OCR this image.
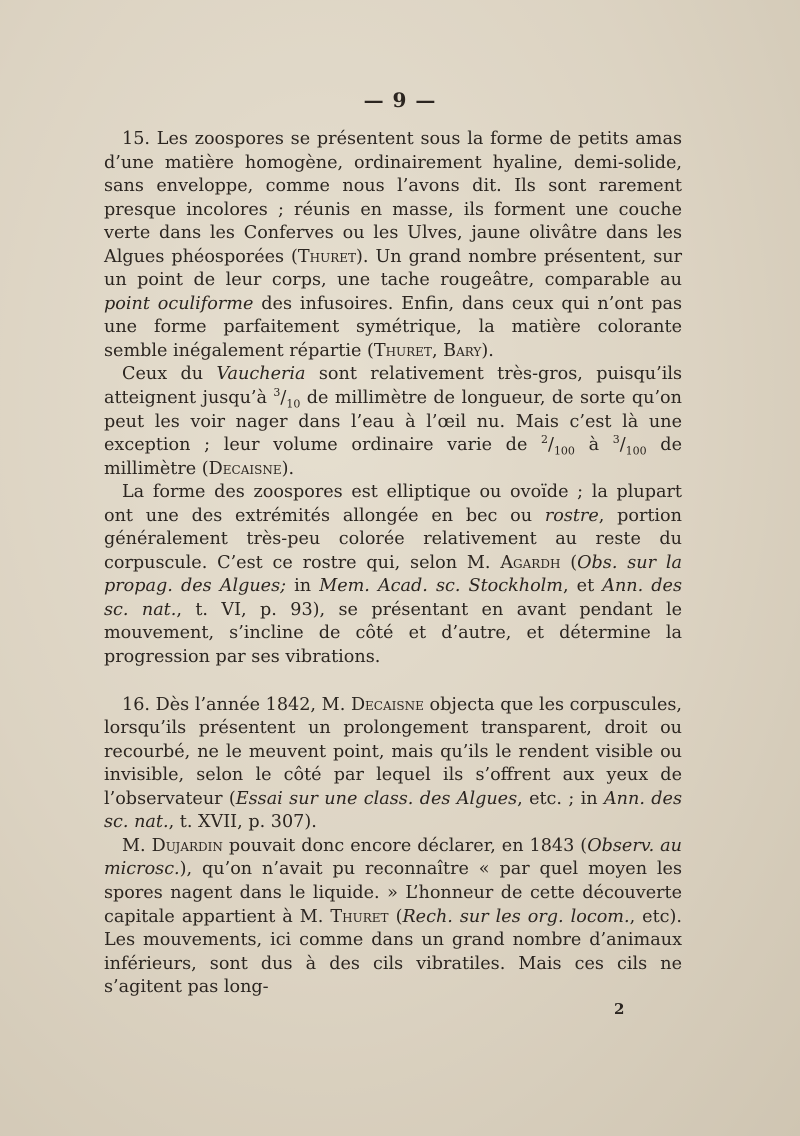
— 9 —

15. Les zoospores se présentent sous la forme de petits amas d’une matière homogène, ordinairement hyaline, demi-solide, sans enveloppe, comme nous l’avons dit. Ils sont rarement presque incolores ; réunis en masse, ils forment une couche verte dans les Conferves ou les Ulves, jaune olivâtre dans les Algues phéosporées (Thuret). Un grand nombre présentent, sur un point de leur corps, une tache rougeâtre, comparable au point oculiforme des infusoires. Enfin, dans ceux qui n’ont pas une forme parfaitement symétrique, la matière colorante semble inégalement répartie (Thuret, Bary).

Ceux du Vaucheria sont relativement très-gros, puisqu’ils atteignent jusqu’à $^3/_{10}$ de millimètre de longueur, de sorte qu’on peut les voir nager dans l’eau à l’œil nu. Mais c’est là une exception ; leur volume ordinaire varie de $^2/_{100}$ à $^3/_{100}$ de millimètre (Decaisne).

La forme des zoospores est elliptique ou ovoïde ; la plupart ont une des extrémités allongée en bec ou rostre, portion généralement très-peu colorée relativement au reste du corpuscule. C’est ce rostre qui, selon M. Agardh (Obs. sur la propag. des Algues; in Mem. Acad. sc. Stockholm, et Ann. des sc. nat., t. VI, p. 93), se présentant en avant pendant le mouvement, s’incline de côté et d’autre, et détermine la progression par ses vibrations.

16. Dès l’année 1842, M. Decaisne objecta que les corpuscules, lorsqu’ils présentent un prolongement transparent, droit ou recourbé, ne le meuvent point, mais qu’ils le rendent visible ou invisible, selon le côté par lequel ils s’offrent aux yeux de l’observateur (Essai sur une class. des Algues, etc. ; in Ann. des sc. nat., t. XVII, p. 307).

M. Dujardin pouvait donc encore déclarer, en 1843 (Observ. au microsc.), qu’on n’avait pu reconnaître « par quel moyen les spores nagent dans le liquide. » L’honneur de cette découverte capitale appartient à M. Thuret (Rech. sur les org. locom., etc). Les mouvements, ici comme dans un grand nombre d’animaux inférieurs, sont dus à des cils vibratiles. Mais ces cils ne s’agitent pas long-

2
